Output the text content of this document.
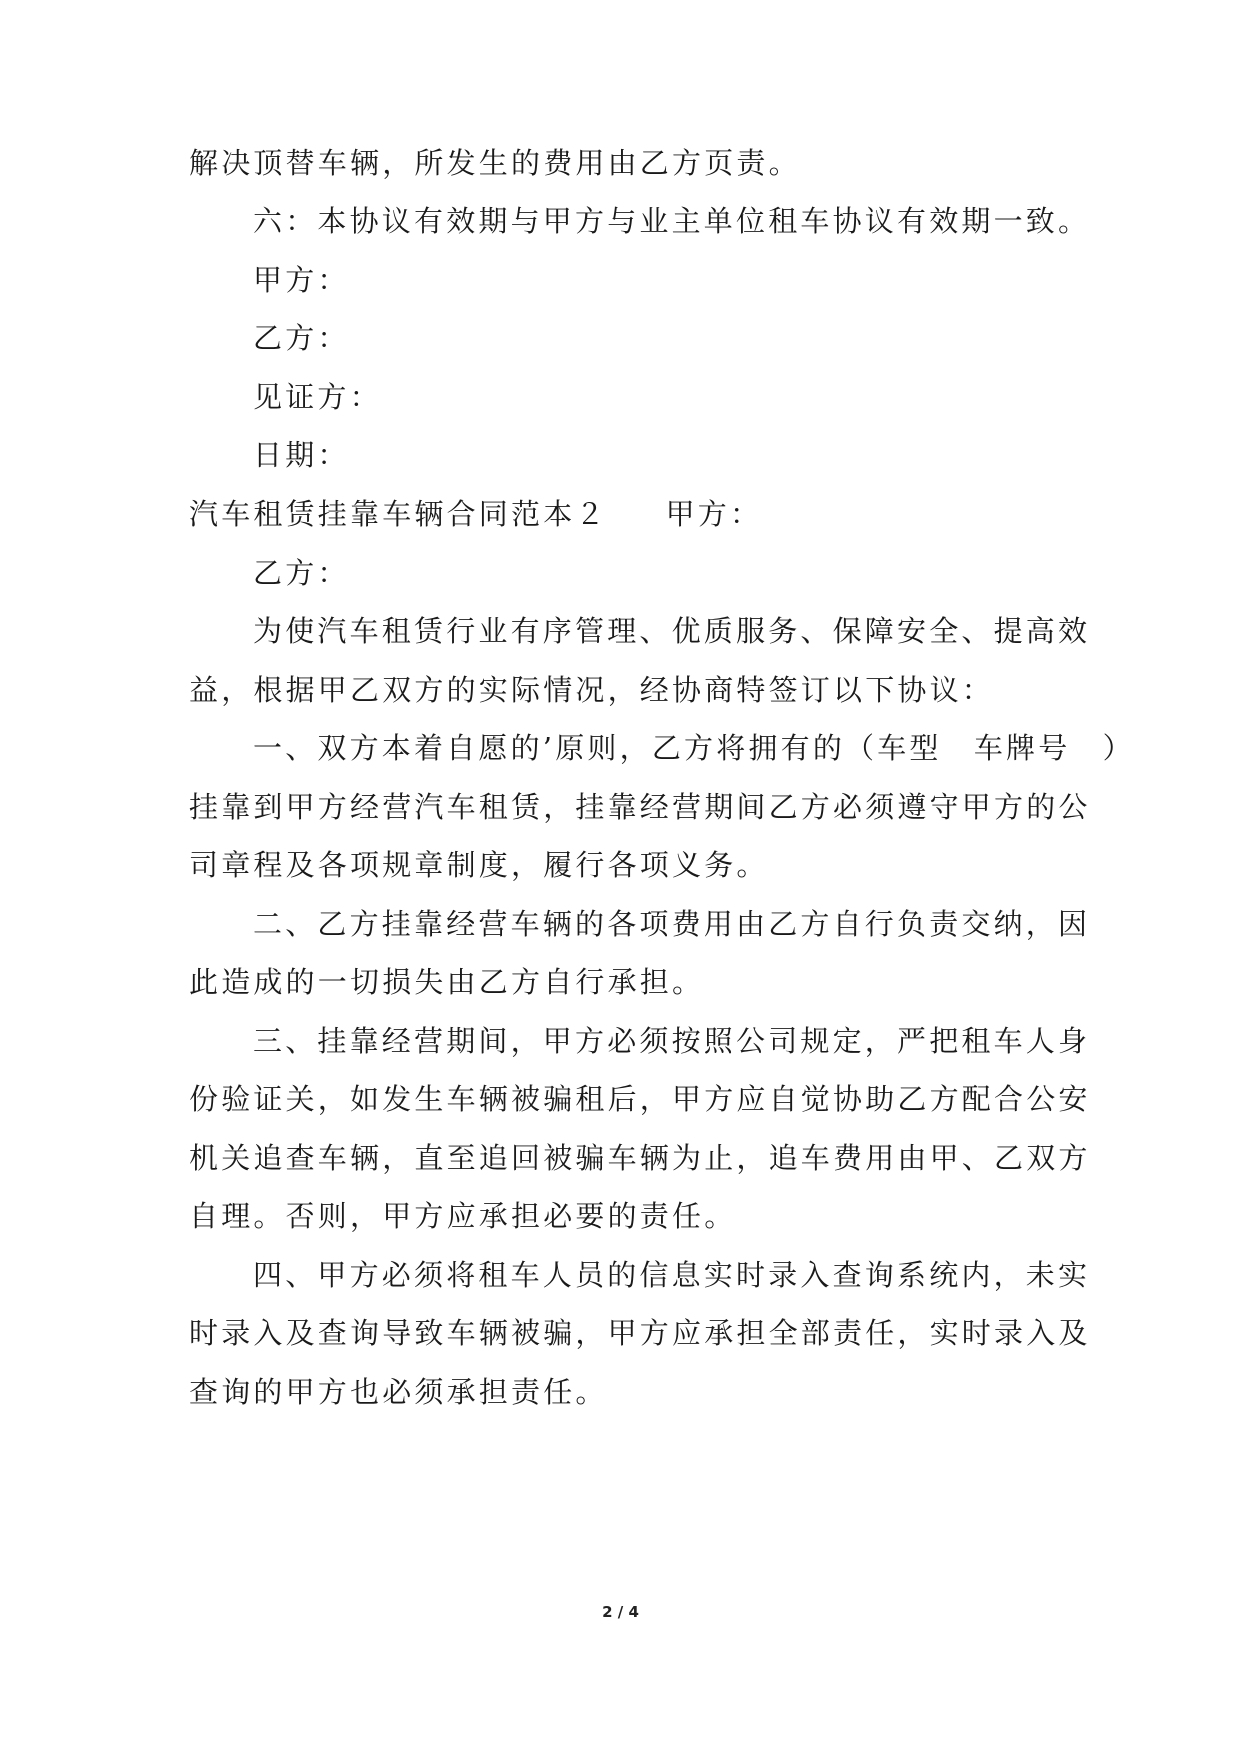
解决顶替车辆，所发生的费用由乙方页责。
六：本协议有效期与甲方与业主单位租车协议有效期一致。
甲方：
乙方：
见证方：
日期：
汽车租赁挂靠车辆合同范本２ 甲方：
乙方：
为使汽车租赁行业有序管理、优质服务、保障安全、提高效
益，根据甲乙双方的实际情况，经协商特签订以下协议：
一、双方本着自愿的’原则，乙方将拥有的（车型　车牌号　）
挂靠到甲方经营汽车租赁，挂靠经营期间乙方必须遵守甲方的公
司章程及各项规章制度，履行各项义务。
二、乙方挂靠经营车辆的各项费用由乙方自行负责交纳，因
此造成的一切损失由乙方自行承担。
三、挂靠经营期间，甲方必须按照公司规定，严把租车人身
份验证关，如发生车辆被骗租后，甲方应自觉协助乙方配合公安
机关追查车辆，直至追回被骗车辆为止，追车费用由甲、乙双方
自理。否则，甲方应承担必要的责任。
四、甲方必须将租车人员的信息实时录入查询系统内，未实
时录入及查询导致车辆被骗，甲方应承担全部责任，实时录入及
查询的甲方也必须承担责任。
2 / 4
